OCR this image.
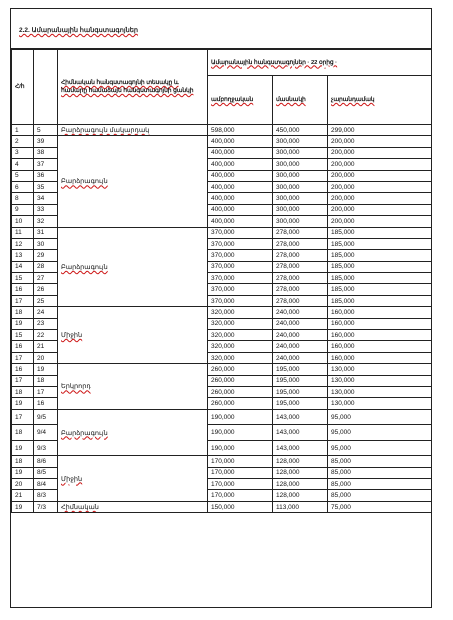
2.2. Ամարանային հանգստագոյներ
Հ/հ		Հիմնական հանգստագոյնի տեսակը և համարը համաձայն հանգստագոյնի ցանկի	Ամարանային հանգստագոյներ · 22 օրից ·		
			ամբողջական	մասնակի	չարանդամակ
1	5	Բարձրագույն մակարդակ	598,000	450,000	299,000
2	39	Բարձրագույն	400,000	300,000	200,000
3	38		400,000	300,000	200,000
4	37		400,000	300,000	200,000
5	36		400,000	300,000	200,000
6	35		400,000	300,000	200,000
8	34		400,000	300,000	200,000
9	33		400,000	300,000	200,000
10	32		400,000	300,000	200,000
11	31	Բարձրագույն	370,000	278,000	185,000
12	30		370,000	278,000	185,000
13	29		370,000	278,000	185,000
14	28		370,000	278,000	185,000
15	27		370,000	278,000	185,000
16	26		370,000	278,000	185,000
17	25		370,000	278,000	185,000
18	24	Միջին	320,000	240,000	160,000
19	23		320,000	240,000	160,000
15	22		320,000	240,000	160,000
16	21		320,000	240,000	160,000
17	20		320,000	240,000	160,000
16	19	Երկրորդ	260,000	195,000	130,000
17	18		260,000	195,000	130,000
18	17		260,000	195,000	130,000
19	16		260,000	195,000	130,000
17	9/5	Բարձրագույն	190,000	143,000	95,000
18	9/4		190,000	143,000	95,000
19	9/3		190,000	143,000	95,000
18	8/6	Միջին	170,000	128,000	85,000
19	8/5		170,000	128,000	85,000
20	8/4		170,000	128,000	85,000
21	8/3		170,000	128,000	85,000
19	7/3	Հիմնական	150,000	113,000	75,000
